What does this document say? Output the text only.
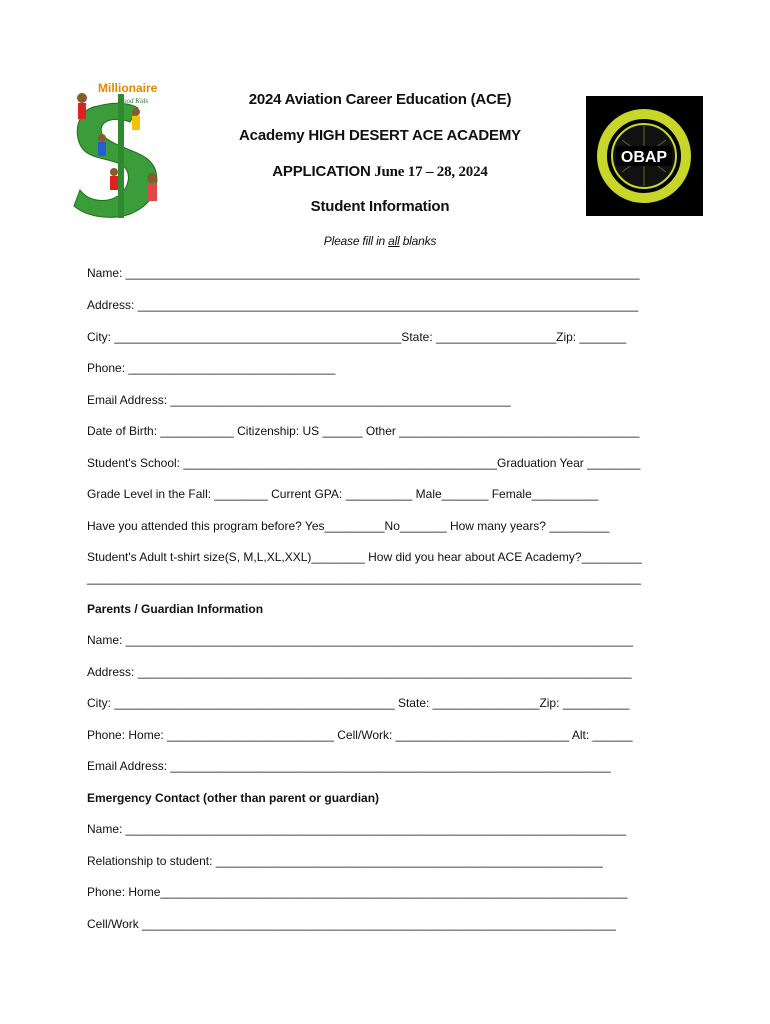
Millionaire
Hood Kids
OBAP
2024 Aviation Career Education (ACE)
Academy HIGH DESERT ACE ACADEMY
APPLICATION June 17 – 28, 2024
Student Information
Please fill in all blanks
Name: _____________________________________________________________________________
Address: ___________________________________________________________________________
City: ___________________________________________State: __________________Zip: _______
Phone: _______________________________
Email Address: ___________________________________________________
Date of Birth: ___________ Citizenship: US ______ Other ____________________________________
Student's School: _______________________________________________Graduation Year ________
Grade Level in the Fall: ________ Current GPA: __________ Male_______ Female__________
Have you attended this program before? Yes_________No_______ How many years? _________
Student's Adult t-shirt size(S, M,L,XL,XXL)________ How did you hear about ACE Academy?_________
___________________________________________________________________________________
Parents / Guardian Information
Name: ____________________________________________________________________________
Address: __________________________________________________________________________
City: __________________________________________ State: ________________Zip: __________
Phone: Home: _________________________ Cell/Work: __________________________ Alt: ______
Email Address: __________________________________________________________________
Emergency Contact (other than parent or guardian)
Name: ___________________________________________________________________________
Relationship to student: __________________________________________________________
Phone: Home______________________________________________________________________
Cell/Work _______________________________________________________________________
